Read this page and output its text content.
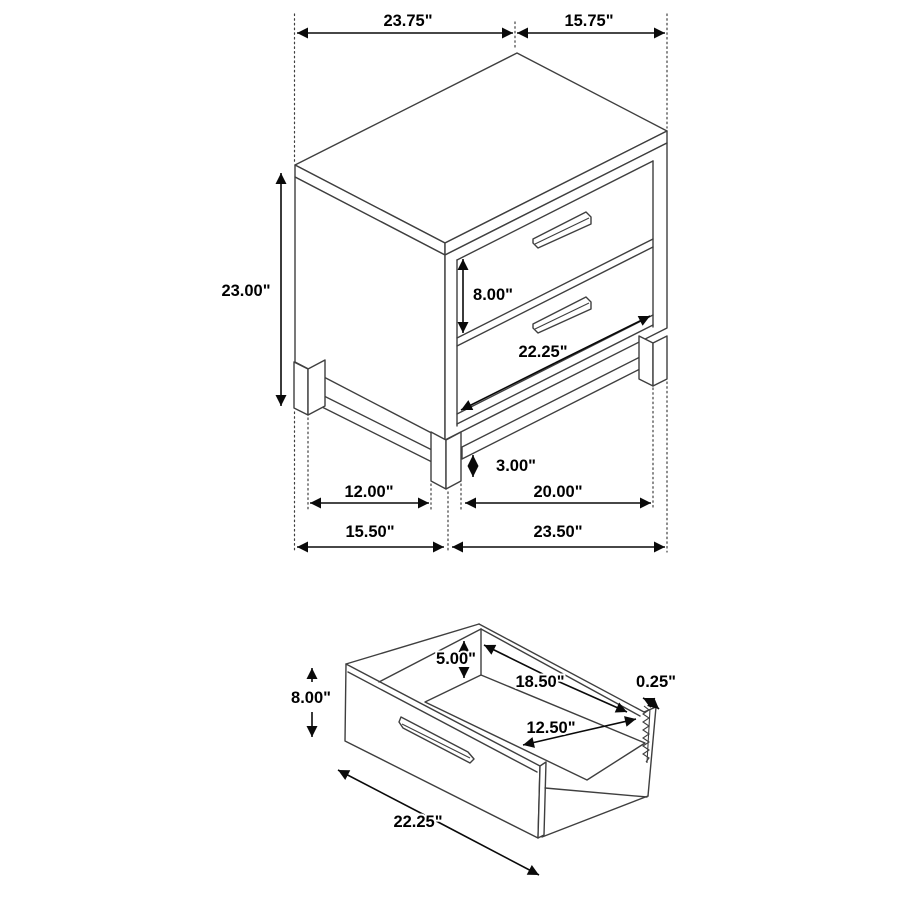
23.75"	15.75"
23.00"	8.00"
22.25"
3.00"
12.00"	20.00"
15.50"	23.50"
5.00"
18.50"
12.50"
0.25"
8.00"
22.25"
